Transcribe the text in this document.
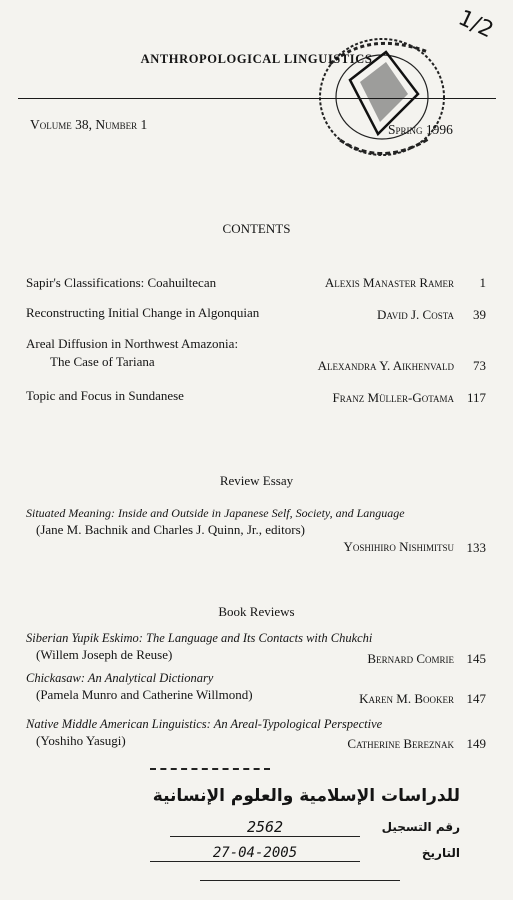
1/2
ANTHROPOLOGICAL LINGUISTICS
Volume 38, Number 1	Spring 1996
CONTENTS
Sapir's Classifications: Coahuiltecan	Alexis Manaster Ramer 1
Reconstructing Initial Change in Algonquian	David J. Costa 39
Areal Diffusion in Northwest Amazonia:
The Case of Tariana	Alexandra Y. Aikhenvald 73
Topic and Focus in Sundanese	Franz Müller-Gotama 117
Review Essay
Situated Meaning: Inside and Outside in Japanese Self, Society, and Language
(Jane M. Bachnik and Charles J. Quinn, Jr., editors)
Yoshihiro Nishimitsu 133
Book Reviews
Siberian Yupik Eskimo: The Language and Its Contacts with Chukchi
(Willem Joseph de Reuse)	Bernard Comrie 145
Chickasaw: An Analytical Dictionary
(Pamela Munro and Catherine Willmond)	Karen M. Booker 147
Native Middle American Linguistics: An Areal-Typological Perspective
(Yoshiho Yasugi)	Catherine Bereznak 149
للدراسات الإسلامية والعلوم الإنسانية
رقم التسجيل
2562
التاريخ
27-04-2005
